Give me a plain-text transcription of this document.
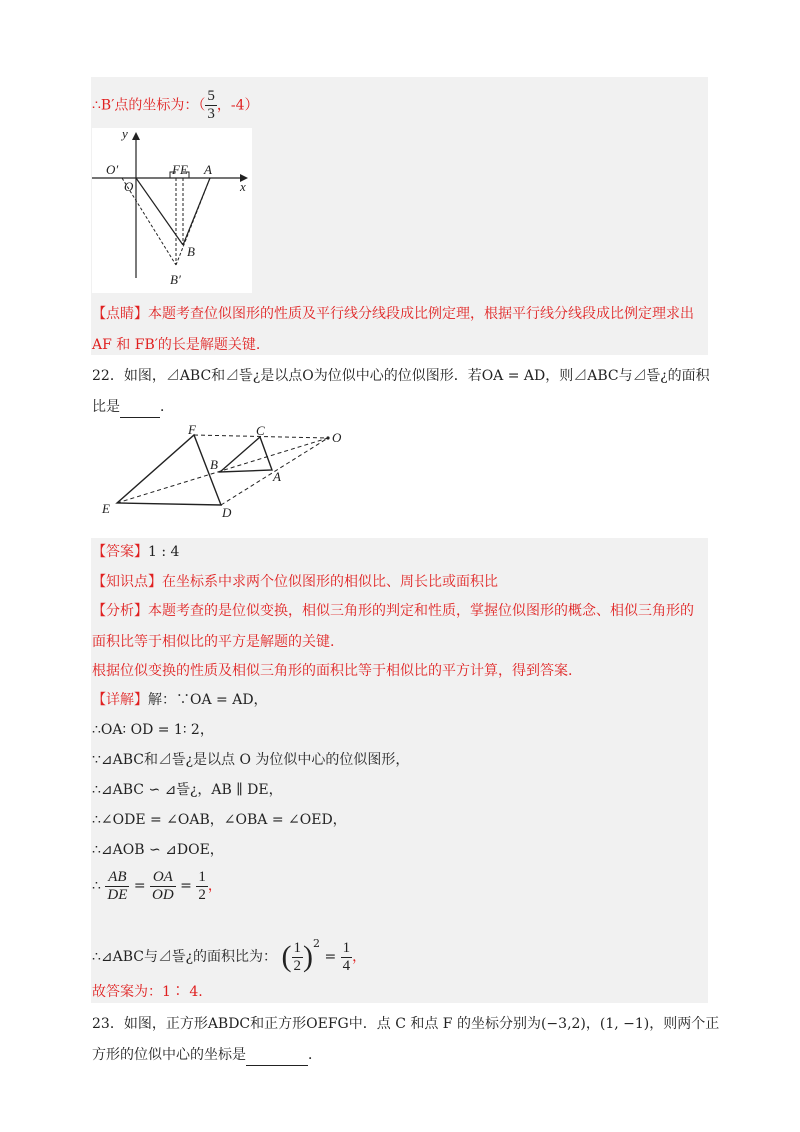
∴B′点的坐标为：（ $\frac{5}{3}$ ，-4）
y
x
O′
O
FE A
B
B′
【点睛】本题考查位似图形的性质及平行线分线段成比例定理，根据平行线分线段成比例定理求出
AF 和 FB′的长是解题关键.
22．如图，⊿ABC和⊿뜰¿是以点O为位似中心的位似图形．若OA = AD，则⊿ABC与⊿뜰¿的面积
比是	．
F	C	O
B
A
E	D
【答案】1 : 4
【知识点】在坐标系中求两个位似图形的相似比、周长比或面积比
【分析】本题考查的是位似变换，相似三角形的判定和性质，掌握位似图形的概念、相似三角形的
面积比等于相似比的平方是解题的关键.
根据位似变换的性质及相似三角形的面积比等于相似比的平方计算，得到答案.
【详解】解：∵OA = AD，
∴OA∶ OD = 1∶ 2，
∵⊿ABC和⊿뜰¿是以点 O 为位似中心的位似图形，
∴⊿ABC ∽ ⊿뜰¿，AB ∥ DE，
∴∠ODE = ∠OAB，∠OBA = ∠OED，
∴⊿AOB ∽ ⊿DOE，
∴ $\frac{AB}{DE} = \frac{OA}{OD} = \frac{1}{2}$ ，
∴⊿ABC与⊿뜰¿的面积比为： ( $\frac{1}{2} )^2 = \frac{1}{4}$ ，
故答案为：1∶ 4.
23．如图，正方形ABDC和正方形OEFG中．点 C 和点 F 的坐标分别为(−3,2)，(1, −1)，则两个正
方形的位似中心的坐标是	．
